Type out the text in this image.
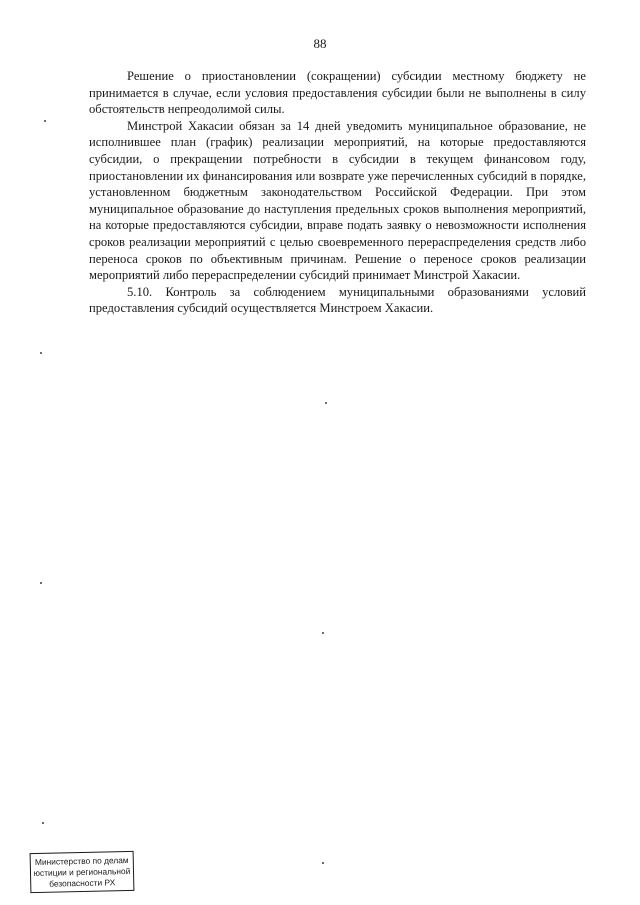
88

Решение о приостановлении (сокращении) субсидии местному бюджету не принимается в случае, если условия предоставления субсидии были не выполнены в силу обстоятельств непреодолимой силы.

Минстрой Хакасии обязан за 14 дней уведомить муниципальное образование, не исполнившее план (график) реализации мероприятий, на которые предоставляются субсидии, о прекращении потребности в субсидии в текущем финансовом году, приостановлении их финансирования или возврате уже перечисленных субсидий в порядке, установленном бюджетным законодательством Российской Федерации. При этом муниципальное образование до наступления предельных сроков выполнения мероприятий, на которые предоставляются субсидии, вправе подать заявку о невозможности исполнения сроков реализации мероприятий с целью своевременного перераспределения средств либо переноса сроков по объективным причинам. Решение о переносе сроков реализации мероприятий либо перераспределении субсидий принимает Минстрой Хакасии.

5.10. Контроль за соблюдением муниципальными образованиями условий предоставления субсидий осуществляется Минстроем Хакасии.

Министерство по делам
юстиции и региональной
безопасности РХ
